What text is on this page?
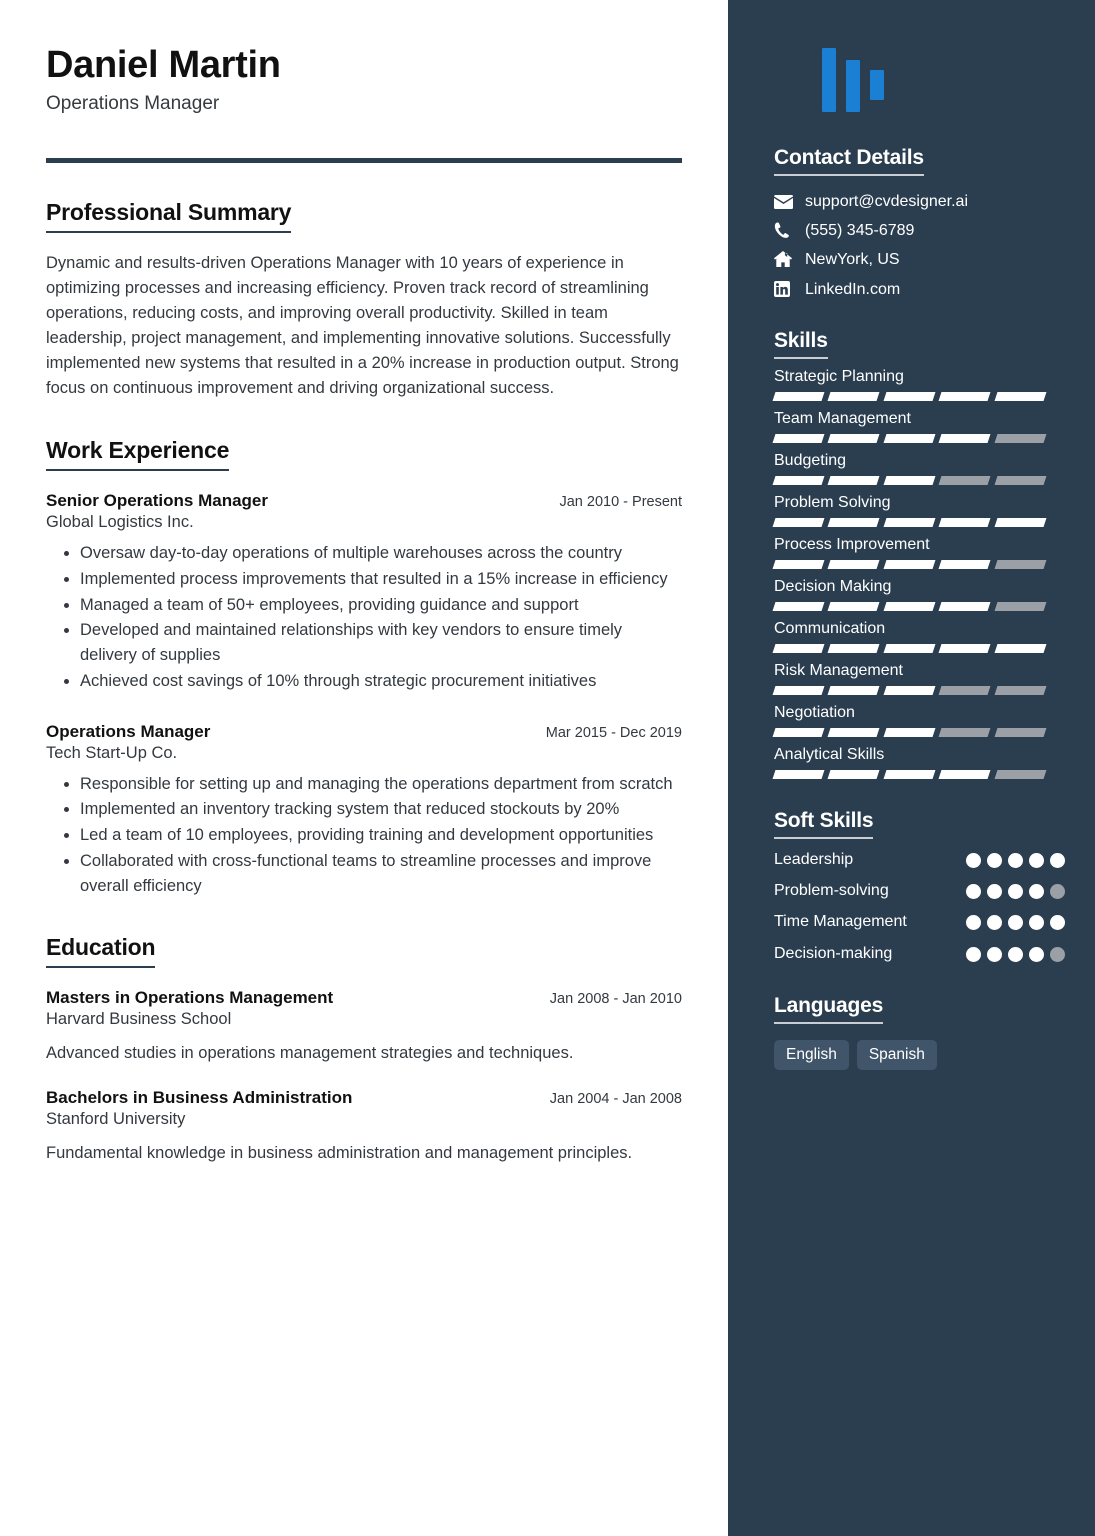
Daniel Martin
Operations Manager
Professional Summary
Dynamic and results-driven Operations Manager with 10 years of experience in optimizing processes and increasing efficiency. Proven track record of streamlining operations, reducing costs, and improving overall productivity. Skilled in team leadership, project management, and implementing innovative solutions. Successfully implemented new systems that resulted in a 20% increase in production output. Strong focus on continuous improvement and driving organizational success.
Work Experience
Senior Operations Manager	Jan 2010 - Present
Global Logistics Inc.
• Oversaw day-to-day operations of multiple warehouses across the country
• Implemented process improvements that resulted in a 15% increase in efficiency
• Managed a team of 50+ employees, providing guidance and support
• Developed and maintained relationships with key vendors to ensure timely delivery of supplies
• Achieved cost savings of 10% through strategic procurement initiatives
Operations Manager	Mar 2015 - Dec 2019
Tech Start-Up Co.
• Responsible for setting up and managing the operations department from scratch
• Implemented an inventory tracking system that reduced stockouts by 20%
• Led a team of 10 employees, providing training and development opportunities
• Collaborated with cross-functional teams to streamline processes and improve overall efficiency
Education
Masters in Operations Management	Jan 2008 - Jan 2010
Harvard Business School
Advanced studies in operations management strategies and techniques.
Bachelors in Business Administration	Jan 2004 - Jan 2008
Stanford University
Fundamental knowledge in business administration and management principles.
Contact Details
support@cvdesigner.ai
(555) 345-6789
NewYork, US
LinkedIn.com
Skills
Strategic Planning
Team Management
Budgeting
Problem Solving
Process Improvement
Decision Making
Communication
Risk Management
Negotiation
Analytical Skills
Soft Skills
Leadership
Problem-solving
Time Management
Decision-making
Languages
English	Spanish
